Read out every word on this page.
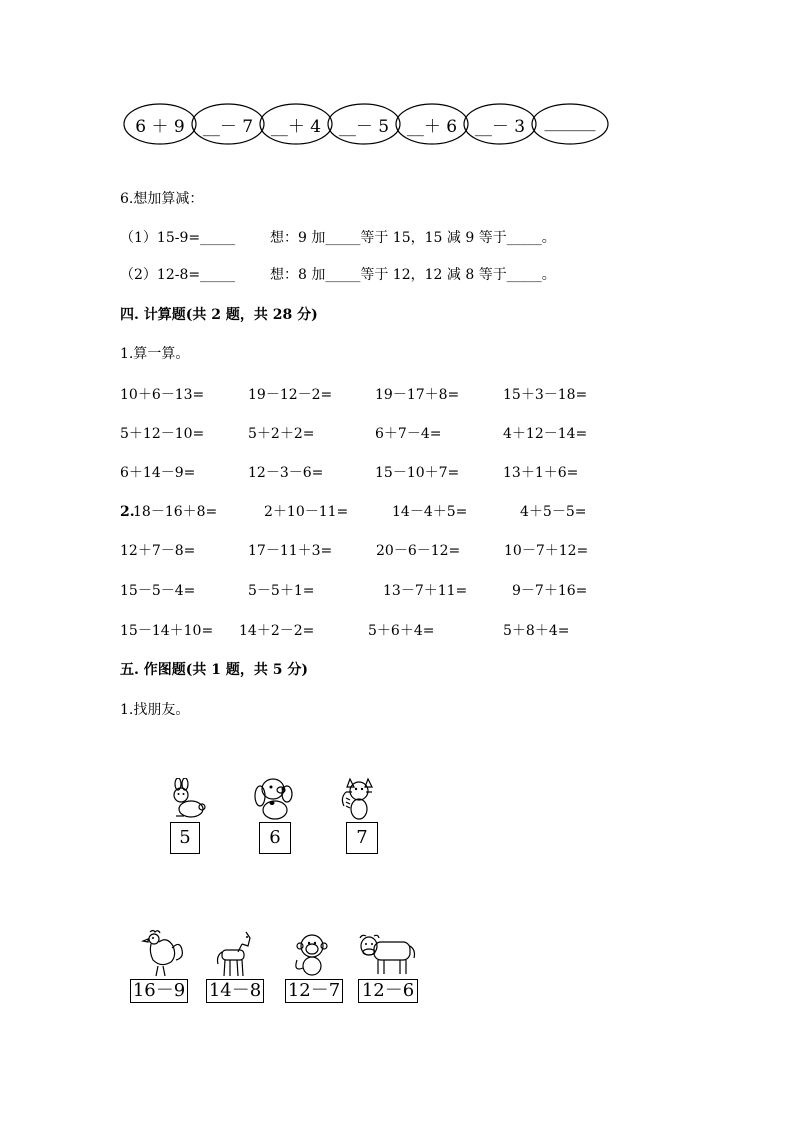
6 ＋ 9	__－ 7	__＋ 4	__－ 5	__＋ 6	__－ 3	______
6.想加算减：
（1）15-9=_____ 想：9 加_____等于 15，15 减 9 等于_____。
（2）12-8=_____ 想：8 加_____等于 12，12 减 8 等于_____。
四. 计算题(共 2 题，共 28 分)
1.算一算。
10＋6－13=	19－12－2=	19－17＋8=	15＋3－18=
5＋12－10=	5＋2＋2=	6＋7－4=	4＋12－14=
6＋14－9=	12－3－6=	15－10＋7=	13＋1＋6=
2.
18－16＋8=	2＋10－11=	14－4＋5=	4＋5－5=
12＋7－8=	17－11＋3=	20－6－12=	10－7＋12=
15－5－4=	5－5＋1=	13－7＋11=	9－7＋16=
15－14＋10= 14＋2－2=	5＋6＋4=	5＋8＋4=
五. 作图题(共 1 题，共 5 分)
1.找朋友。
5	6	7
16－9 14－8 12－7 12－6
